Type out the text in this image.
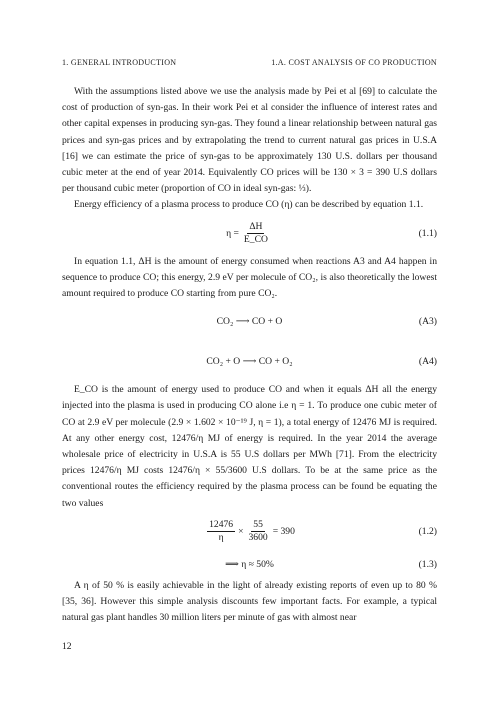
1. GENERAL INTRODUCTION	1.A. COST ANALYSIS OF CO PRODUCTION

With the assumptions listed above we use the analysis made by Pei et al [69] to calculate the cost of production of syn-gas. In their work Pei et al consider the influence of interest rates and other capital expenses in producing syn-gas. They found a linear relationship between natural gas prices and syn-gas prices and by extrapolating the trend to current natural gas prices in U.S.A [16] we can estimate the price of syn-gas to be approximately 130 U.S. dollars per thousand cubic meter at the end of year 2014. Equivalently CO prices will be 130 × 3 = 390 U.S dollars per thousand cubic meter (proportion of CO in ideal syn-gas: ⅓).

Energy efficiency of a plasma process to produce CO (η) can be described by equation 1.1.

$\eta = \frac{\Delta H}{E\_CO}$	(1.1)

In equation 1.1, ΔH is the amount of energy consumed when reactions A3 and A4 happen in sequence to produce CO; this energy, 2.9 eV per molecule of CO₂, is also theoretically the lowest amount required to produce CO starting from pure CO₂.

CO₂ ⟶ CO + O	(A3)
CO₂ + O ⟶ CO + O₂	(A4)

E_CO is the amount of energy used to produce CO and when it equals ΔH all the energy injected into the plasma is used in producing CO alone i.e η = 1. To produce one cubic meter of CO at 2.9 eV per molecule (2.9 × 1.602 × 10⁻¹⁹ J, η = 1), a total energy of 12476 MJ is required. At any other energy cost, 12476/η MJ of energy is required. In the year 2014 the average wholesale price of electricity in U.S.A is 55 U.S dollars per MWh [71]. From the electricity prices 12476/η MJ costs 12476/η × 55/3600 U.S dollars. To be at the same price as the conventional routes the efficiency required by the plasma process can be found be equating the two values

$\frac{12476}{\eta} \times \frac{55}{3600} = 390$	(1.2)
⟹ η ≈ 50%	(1.3)

A η of 50 % is easily achievable in the light of already existing reports of even up to 80 % [35, 36]. However this simple analysis discounts few important facts. For example, a typical natural gas plant handles 30 million liters per minute of gas with almost near

12
